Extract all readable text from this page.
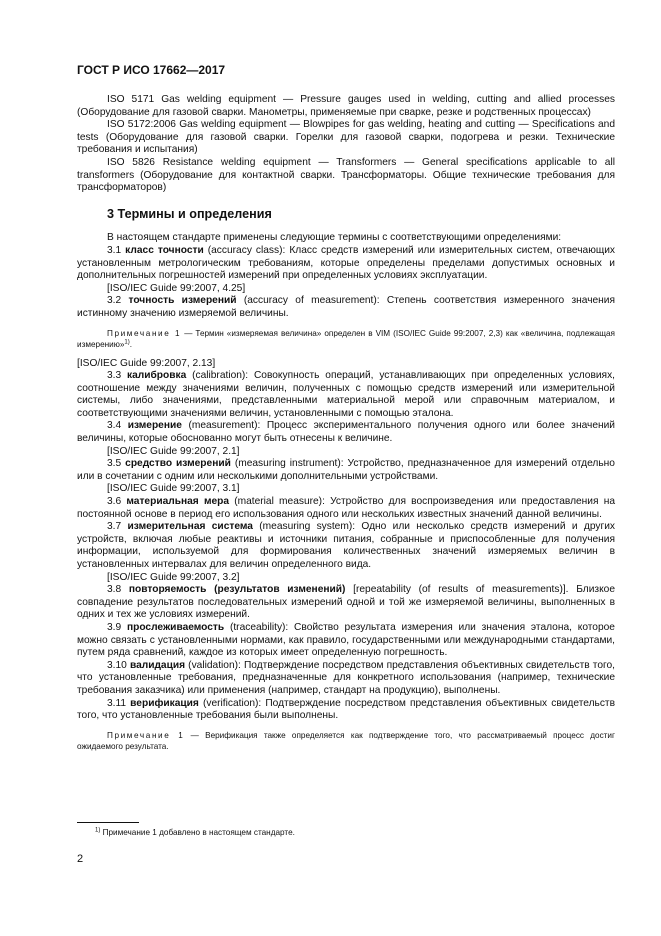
ГОСТ Р ИСО 17662—2017

ISO 5171 Gas welding equipment — Pressure gauges used in welding, cutting and allied processes (Оборудование для газовой сварки. Манометры, применяемые при сварке, резке и родственных процессах)

ISO 5172:2006 Gas welding equipment — Blowpipes for gas welding, heating and cutting — Specifications and tests (Оборудование для газовой сварки. Горелки для газовой сварки, подогрева и резки. Технические требования и испытания)

ISO 5826 Resistance welding equipment — Transformers — General specifications applicable to all transformers (Оборудование для контактной сварки. Трансформаторы. Общие технические требования для трансформаторов)

3 Термины и определения

В настоящем стандарте применены следующие термины с соответствующими определениями:

3.1 класс точности (accuracy class): Класс средств измерений или измерительных систем, отвечающих установленным метрологическим требованиям, которые определены пределами допустимых основных и дополнительных погрешностей измерений при определенных условиях эксплуатации.

[ISO/IEC Guide 99:2007, 4.25]

3.2 точность измерений (accuracy of measurement): Степень соответствия измеренного значения истинному значению измеряемой величины.

Примечание 1 — Термин «измеряемая величина» определен в VIM (ISO/IEC Guide 99:2007, 2,3) как «величина, подлежащая измерению»$^{1)}$.

[ISO/IEC Guide 99:2007, 2.13]

3.3 калибровка (calibration): Совокупность операций, устанавливающих при определенных условиях, соотношение между значениями величин, полученных с помощью средств измерений или измерительной системы, либо значениями, представленными материальной мерой или справочным материалом, и соответствующими значениями величин, установленными с помощью эталона.

3.4 измерение (measurement): Процесс экспериментального получения одного или более значений величины, которые обоснованно могут быть отнесены к величине.

[ISO/IEC Guide 99:2007, 2.1]

3.5 средство измерений (measuring instrument): Устройство, предназначенное для измерений отдельно или в сочетании с одним или несколькими дополнительными устройствами.

[ISO/IEC Guide 99:2007, 3.1]

3.6 материальная мера (material measure): Устройство для воспроизведения или предоставления на постоянной основе в период его использования одного или нескольких известных значений данной величины.

3.7 измерительная система (measuring system): Одно или несколько средств измерений и других устройств, включая любые реактивы и источники питания, собранные и приспособленные для получения информации, используемой для формирования количественных значений измеряемых величин в установленных интервалах для величин определенного вида.

[ISO/IEC Guide 99:2007, 3.2]

3.8 повторяемость (результатов изменений) [repeatability (of results of measurements)]. Близкое совпадение результатов последовательных измерений одной и той же измеряемой величины, выполненных в одних и тех же условиях измерений.

3.9 прослеживаемость (traceability): Свойство результата измерения или значения эталона, которое можно связать с установленными нормами, как правило, государственными или международными стандартами, путем ряда сравнений, каждое из которых имеет определенную погрешность.

3.10 валидация (validation): Подтверждение посредством представления объективных свидетельств того, что установленные требования, предназначенные для конкретного использования (например, технические требования заказчика) или применения (например, стандарт на продукцию), выполнены.

3.11 верификация (verification): Подтверждение посредством представления объективных свидетельств того, что установленные требования были выполнены.

Примечание 1 — Верификация также определяется как подтверждение того, что рассматриваемый процесс достиг ожидаемого результата.

$^{1)}$ Примечание 1 добавлено в настоящем стандарте.
2
